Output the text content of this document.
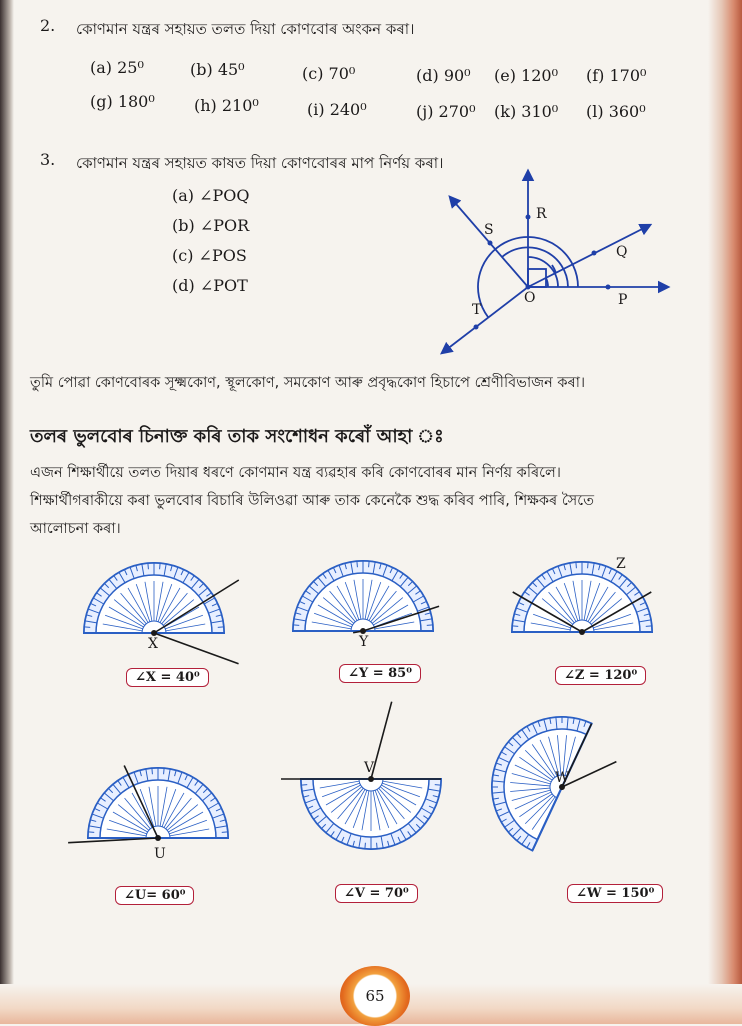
2. কোণমান যন্ত্ৰৰ সহায়ত তলত দিয়া কোণবোৰ অংকন কৰা।
(a) 25⁰	(b) 45⁰	(c) 70⁰	(d) 90⁰ (e) 120⁰ (f) 170⁰
(g) 180⁰ (h) 210⁰	(i) 240⁰	(j) 270⁰ (k) 310⁰ (l) 360⁰
3. কোণমান যন্ত্ৰৰ সহায়ত কাষত দিয়া কোণবোৰৰ মাপ নিৰ্ণয় কৰা।
(a) ∠POQ
(b) ∠POR
(c) ∠POS
(d) ∠POT
R
S
Q
O	P
T
তুমি পোৱা কোণবোৰক সূক্ষ্মকোণ, স্থূলকোণ, সমকোণ আৰু প্ৰবৃদ্ধকোণ হিচাপে শ্ৰেণীবিভাজন কৰা।
তলৰ ভুলবোৰ চিনাক্ত কৰি তাক সংশোধন কৰোঁ আহা ঃ
এজন শিক্ষাৰ্থীয়ে তলত দিয়াৰ ধৰণে কোণমান যন্ত্ৰ ব্যৱহাৰ কৰি কোণবোৰৰ মান নিৰ্ণয় কৰিলে।
শিক্ষাৰ্থীগৰাকীয়ে কৰা ভুলবোৰ বিচাৰি উলিওৱা আৰু তাক কেনেকৈ শুদ্ধ কৰিব পাৰি, শিক্ষকৰ সৈতে
আলোচনা কৰা।
X	Y
Z
U
V
W
∠X = 40⁰	∠Y = 85⁰	∠Z = 120⁰
∠U= 60⁰	∠V = 70⁰	∠W = 150⁰
65
